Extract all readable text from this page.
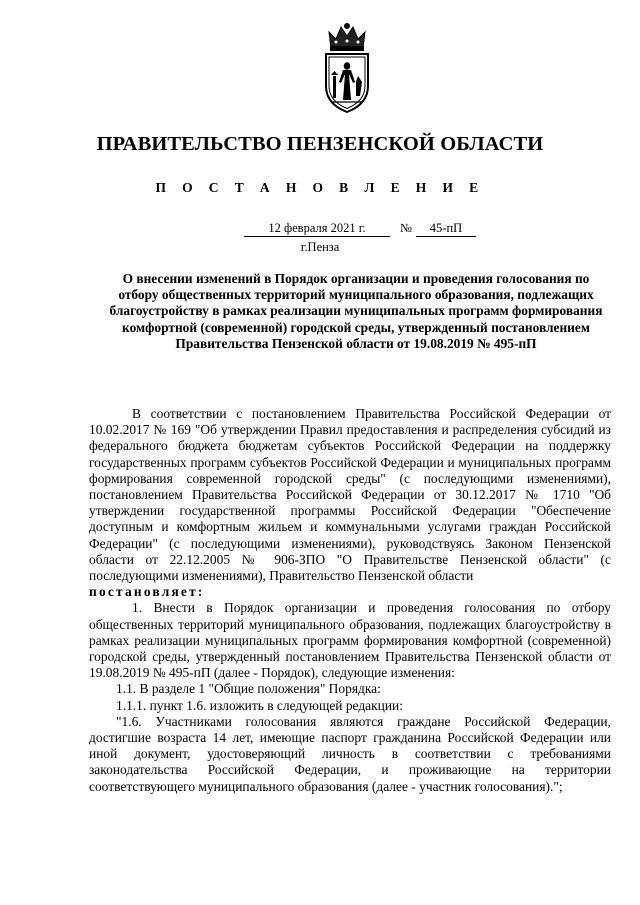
ПРАВИТЕЛЬСТВО ПЕНЗЕНСКОЙ ОБЛАСТИ
П О С Т А Н О В Л Е Н И Е
12 февраля 2021 г.	№	45-пП
г.Пенза
О внесении изменений в Порядок организации и проведения голосования по отбору общественных территорий муниципального образования, подлежащих благоустройству в рамках реализации муниципальных программ формирования комфортной (современной) городской среды, утвержденный постановлением Правительства Пензенской области от 19.08.2019 № 495-пП

В соответствии с постановлением Правительства Российской Федерации от 10.02.2017 № 169 "Об утверждении Правил предоставления и распределения субсидий из федерального бюджета бюджетам субъектов Российской Федерации на поддержку государственных программ субъектов Российской Федерации и муниципальных программ формирования современной городской среды" (с последующими изменениями), постановлением Правительства Российской Федерации от 30.12.2017 № 1710 "Об утверждении государственной программы Российской Федерации "Обеспечение доступным и комфортным жильем и коммунальными услугами граждан Российской Федерации" (с последующими изменениями), руководствуясь Законом Пензенской области от 22.12.2005 № 906-ЗПО "О Правительстве Пензенской области" (с последующими изменениями), Правительство Пензенской области

постановляет:

1. Внести в Порядок организации и проведения голосования по отбору общественных территорий муниципального образования, подлежащих благоустройству в рамках реализации муниципальных программ формирования комфортной (современной) городской среды, утвержденный постановлением Правительства Пензенской области от 19.08.2019 № 495-пП (далее - Порядок), следующие изменения:

1.1. В разделе 1 "Общие положения" Порядка:

1.1.1. пункт 1.6. изложить в следующей редакции:

"1.6. Участниками голосования являются граждане Российской Федерации, достигшие возраста 14 лет, имеющие паспорт гражданина Российской Федерации или иной документ, удостоверяющий личность в соответствии с требованиями законодательства Российской Федерации, и проживающие на территории соответствующего муниципального образования (далее - участник голосования).";
